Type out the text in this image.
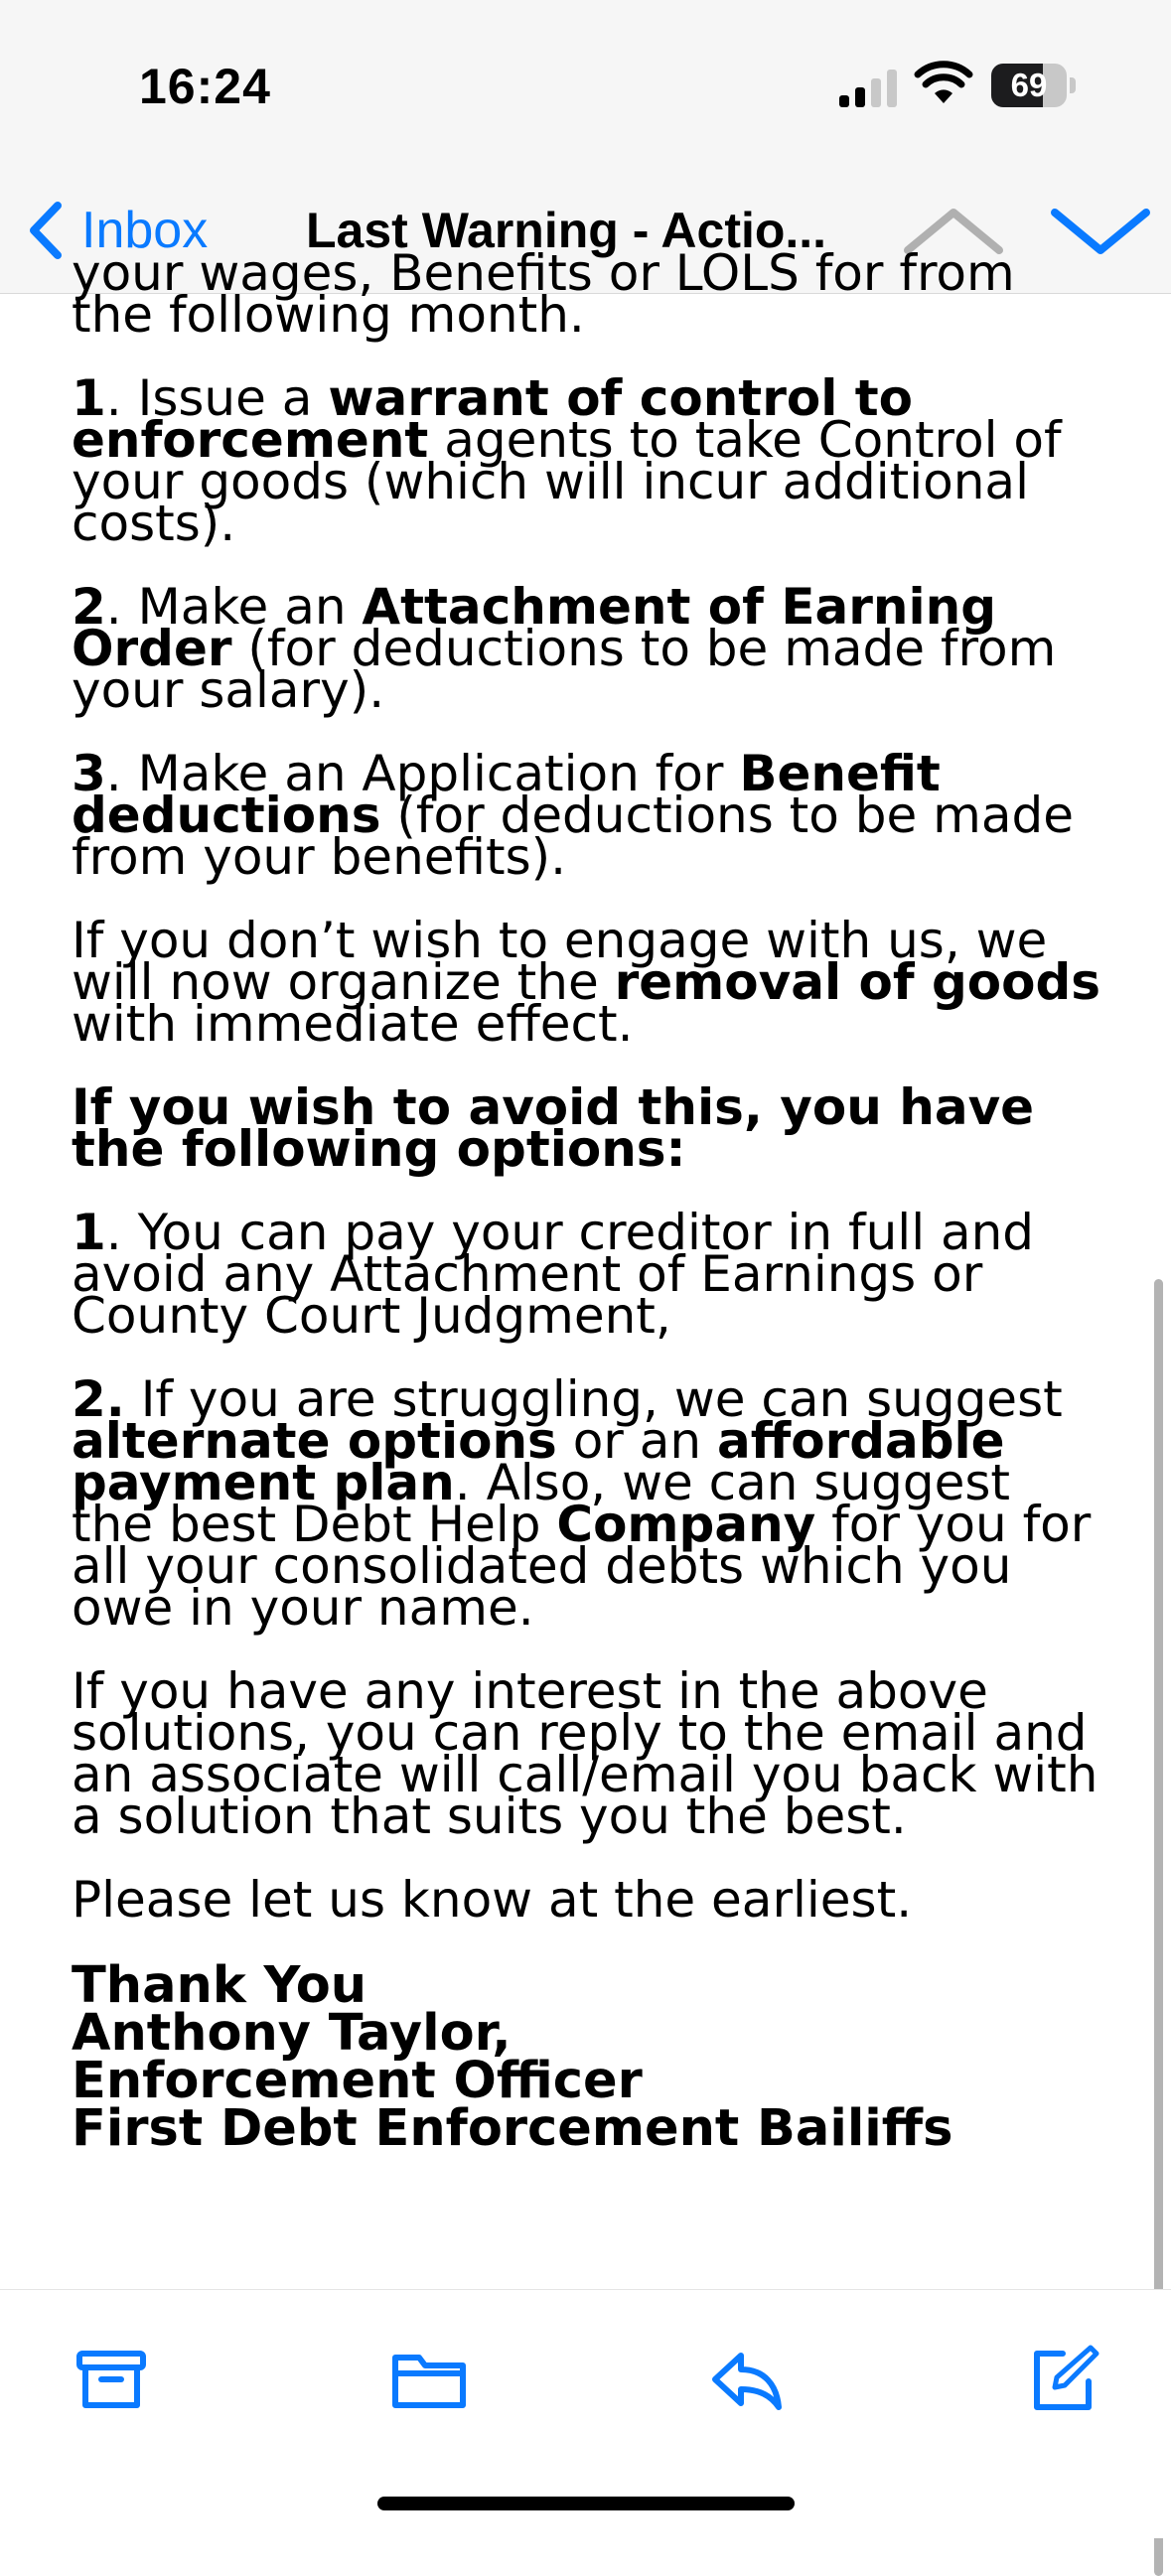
16:24	69
Inbox Last Warning - Actio...

your wages, Benefits or LOLS for from
the following month.

1. Issue a warrant of control to enforcement agents to take Control of your goods (which will incur additional costs).

2. Make an Attachment of Earning Order (for deductions to be made from your salary).

3. Make an Application for Benefit deductions (for deductions to be made from your benefits).

If you don’t wish to engage with us, we will now organize the removal of goods with immediate effect.

If you wish to avoid this, you have the following options:

1. You can pay your creditor in full and avoid any Attachment of Earnings or County Court Judgment,

2. If you are struggling, we can suggest alternate options or an affordable payment plan. Also, we can suggest the best Debt Help Company for you for all your consolidated debts which you owe in your name.

If you have any interest in the above solutions, you can reply to the email and an associate will call/email you back with a solution that suits you the best.

Please let us know at the earliest.

Thank You
Anthony Taylor,
Enforcement Officer
First Debt Enforcement Bailiffs
